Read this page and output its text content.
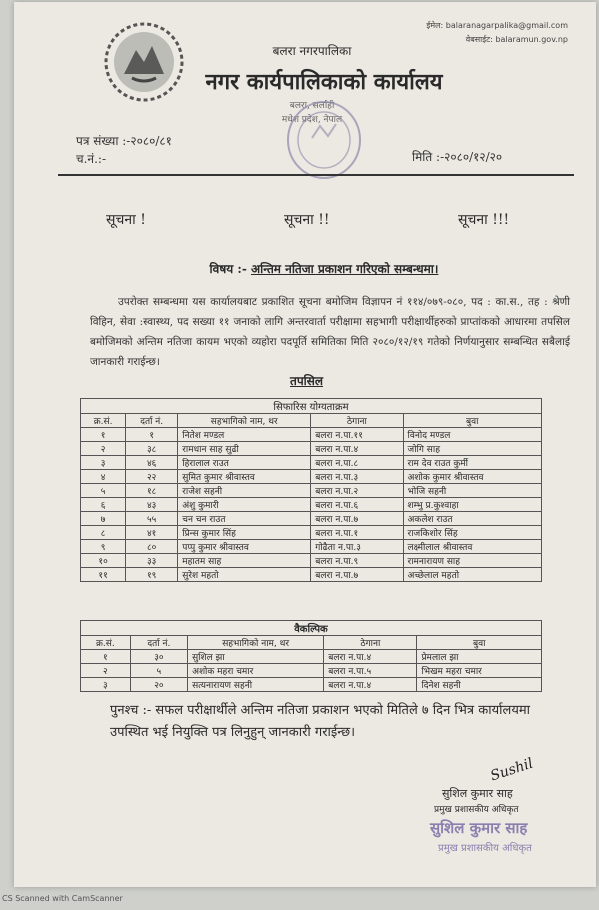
बलरा नगरपालिका
नगर कार्यपालिकाको कार्यालय
बलरा, सर्लाही
मधेश प्रदेश, नेपाल
ईमेल: balaranagarpalika@gmail.com
वेबसाईट: balaramun.gov.np
पत्र संख्या :-२०८०/८१
च.नं.:-	मिति :-२०८०/१२/२०
सूचना !	सूचना !!	सूचना !!!
विषय :- अन्तिम नतिजा प्रकाशन गरिएको सम्बन्धमा।
उपरोक्त सम्बन्धमा यस कार्यालयबाट प्रकाशित सूचना बमोजिम विज्ञापन नं ११४/०७९-०८०, पद : का.स., तह : श्रेणी विहिन, सेवा :स्वास्थ्य, पद सख्या ११ जनाको लागि अन्तरवार्ता परीक्षामा सहभागी परीक्षार्थीहरुको प्राप्तांकको आधारमा तपसिल बमोजिमको अन्तिम नतिजा कायम भएको व्यहोरा पदपूर्ति समितिका मिति २०८०/१२/१९ गतेको निर्णयानुसार सम्बन्धित सबैलाई जानकारी गराईन्छ।
तपसिल
सिफारिस योग्यताक्रम				
क्र.सं.	दर्ता नं.	सहभागिको नाम, थर	ठेगाना	बुवा
१	१	नितेश मण्डल	बलरा न.पा.११	विनोद मण्डल
२	३८	रामधान साह सुढी	बलरा न.पा.४	जोगि साह
३	४६	हिरालाल राउत	बलरा न.पा.८	राम देव राउत कुर्मी
४	२२	सुमित कुमार श्रीवास्तव	बलरा न.पा.३	अशोक कुमार श्रीवास्तव
५	१८	राजेश सहनी	बलरा न.पा.२	भोजि सहनी
६	४३	अंशु कुमारी	बलरा न.पा.६	शम्भु प्र.कुश्वाहा
७	५५	चन चन राउत	बलरा न.पा.७	अकलेश राउत
८	४१	प्रिन्स कुमार सिंह	बलरा न.पा.१	राजकिशोर सिंह
९	८०	पप्पु कुमार श्रीवास्तव	गोढैता न.पा.३	लक्ष्मीलाल श्रीवास्तव
१०	३३	महातम साह	बलरा न.पा.९	रामनारायण साह
११	१९	सुरेश महतो	बलरा न.पा.७	अच्छेलाल महतो
वैकल्पिक				
क्र.सं.	दर्ता नं.	सहभागिको नाम, थर	ठेगाना	बुवा
१	३०	सुशिल झा	बलरा न.पा.४	प्रेमलाल झा
२	५	अशोक महरा चमार	बलरा न.पा.५	भिखम महरा चमार
३	२०	सत्यनारायण सहनी	बलरा न.पा.४	दिनेश सहनी
पुनश्च :- सफल परीक्षार्थीले अन्तिम नतिजा प्रकाशन भएको मितिले ७ दिन भित्र कार्यालयमा उपस्थित भई नियुक्ति पत्र लिनुहुन् जानकारी गराईन्छ।
Sushil
सुशिल कुमार साह
प्रमुख प्रशासकीय अधिकृत
सुशिल कुमार साह
प्रमुख प्रशासकीय अधिकृत
CS Scanned with CamScanner
